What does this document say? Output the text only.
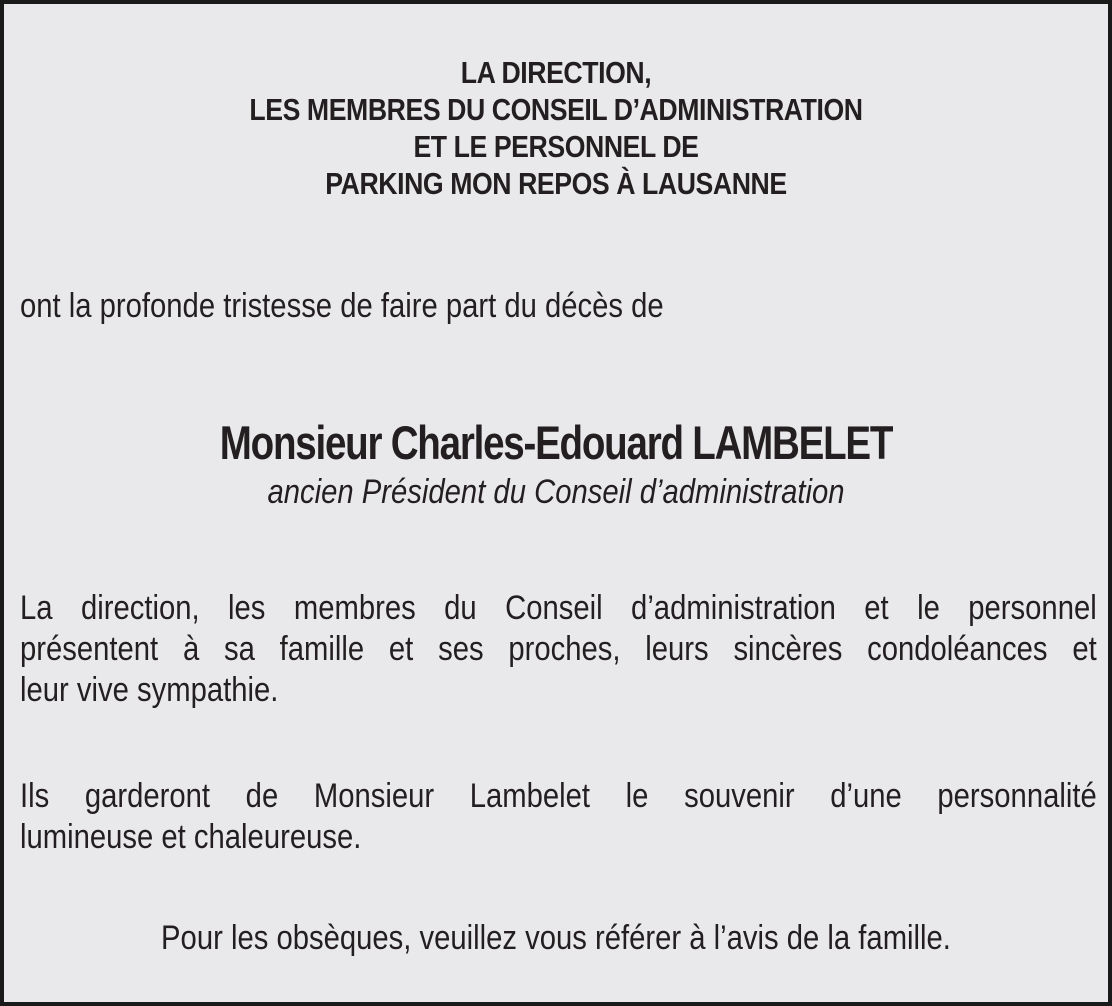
LA DIRECTION,
LES MEMBRES DU CONSEIL D’ADMINISTRATION
ET LE PERSONNEL DE
PARKING MON REPOS À LAUSANNE
ont la profonde tristesse de faire part du décès de
Monsieur Charles-Edouard LAMBELET
ancien Président du Conseil d’administration
La direction, les membres du Conseil d’administration et le personnel
présentent à sa famille et ses proches, leurs sincères condoléances et
leur vive sympathie.
Ils garderont de Monsieur Lambelet le souvenir d’une personnalité
lumineuse et chaleureuse.
Pour les obsèques, veuillez vous référer à l’avis de la famille.
